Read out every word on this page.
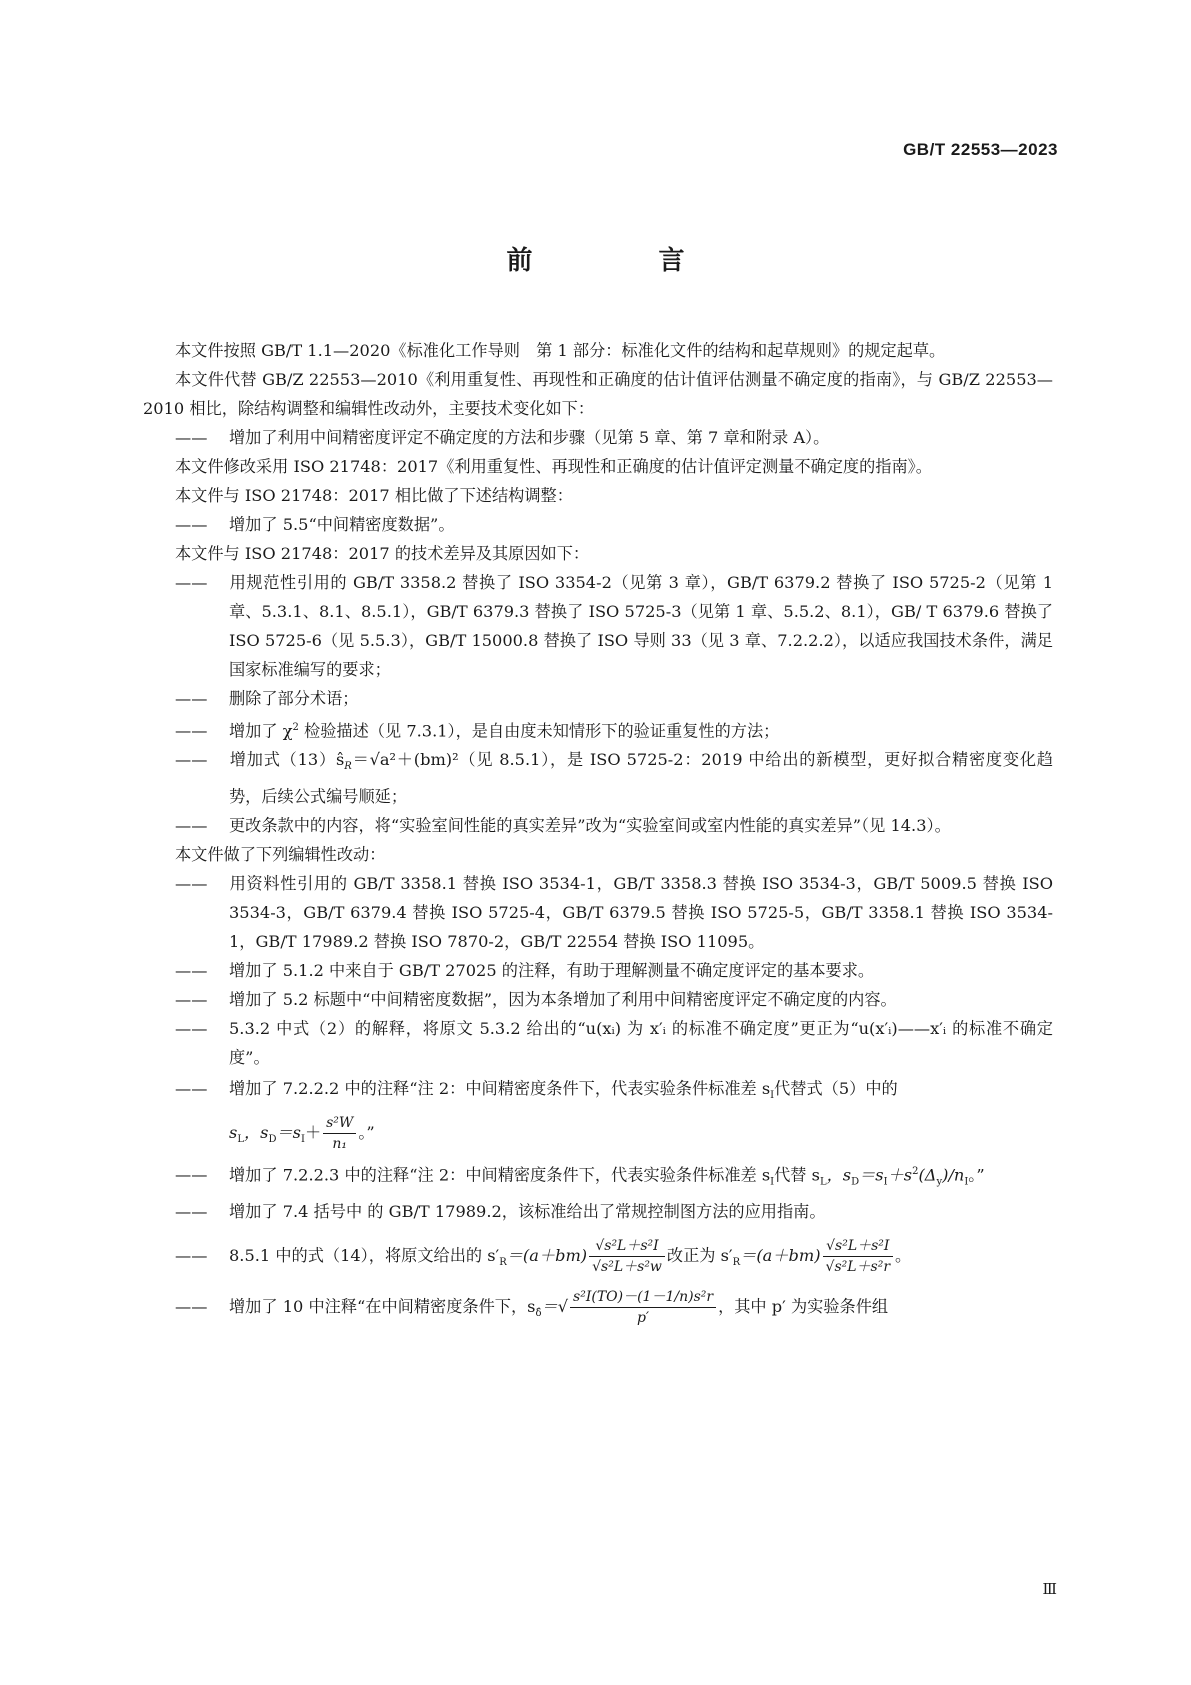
GB/T 22553—2023
前　言

本文件按照 GB/T 1.1—2020《标准化工作导则　第 1 部分：标准化文件的结构和起草规则》的规定起草。

本文件代替 GB/Z 22553—2010《利用重复性、再现性和正确度的估计值评估测量不确定度的指南》，与 GB/Z 22553—2010 相比，除结构调整和编辑性改动外，主要技术变化如下：

—— 增加了利用中间精密度评定不确定度的方法和步骤（见第 5 章、第 7 章和附录 A）。

本文件修改采用 ISO 21748：2017《利用重复性、再现性和正确度的估计值评定测量不确定度的指南》。

本文件与 ISO 21748：2017 相比做了下述结构调整：

—— 增加了 5.5“中间精密度数据”。

本文件与 ISO 21748：2017 的技术差异及其原因如下：

—— 用规范性引用的 GB/T 3358.2 替换了 ISO 3354-2（见第 3 章），GB/T 6379.2 替换了 ISO 5725-2（见第 1 章、5.3.1、8.1、8.5.1），GB/T 6379.3 替换了 ISO 5725-3（见第 1 章、5.5.2、8.1），GB/ T 6379.6 替换了 ISO 5725-6（见 5.5.3），GB/T 15000.8 替换了 ISO 导则 33（见 3 章、7.2.2.2），以适应我国技术条件，满足国家标准编写的要求；

—— 删除了部分术语；

—— 增加了 $\chi^2$ 检验描述（见 7.3.1），是自由度未知情形下的验证重复性的方法；

—— 增加式$(13)ŝ_R=√a^2+(bm)^2$（见 8.5.1），是 ISO 5725-2：2019 中给出的新模型，更好拟合精密度变化趋势，后续公式编号顺延；

—— 更改条款中的内容，将“实验室间性能的真实差异”改为“实验室间或室内性能的真实差异”（见 14.3）。

本文件做了下列编辑性改动：

—— 用资料性引用的 GB/T 3358.1 替换 ISO 3534-1，GB/T 3358.3 替换 ISO 3534-3，GB/T 5009.5 替换 ISO 3534-3，GB/T 6379.4 替换 ISO 5725-4，GB/T 6379.5 替换 ISO 5725-5，GB/T 3358.1 替换 ISO 3534-1，GB/T 17989.2 替换 ISO 7870-2，GB/T 22554 替换 ISO 11095。

—— 增加了 5.1.2 中来自于 GB/T 27025 的注释，有助于理解测量不确定度评定的基本要求。

—— 增加了 5.2 标题中“中间精密度数据”，因为本条增加了利用中间精密度评定不确定度的内容。

—— 5.3.2 中式（2）的解释，将原文 5.3.2 给出的“u(xᵢ) 为 x′ᵢ 的标准不确定度”更正为“u(x′ᵢ)——x′ᵢ 的标准不确定度”。

—— 增加了 7.2.2.2 中的注释“注 2：中间精密度条件下，代表实验条件标准差 $s_I$代替式（5）中的
$s_L$，$s_D=s_I+ \frac{\text{s²W}}{\text{n₁}}$ 。”

—— 增加了 7.2.2.3 中的注释“注 2：中间精密度条件下，代表实验条件标准差 $s_I$代替 $s_L$，$s_D=s_I+s^2(\Delta_y)/n_I$。”

—— 增加了 7.4 括号中 的 GB/T 17989.2，该标准给出了常规控制图方法的应用指南。

—— 8.5.1 中的式（14），将原文给出的 $s'_R=(a+bm) \frac{\text{√s²L＋s²I}}{\text{√s²L＋s²w}}$ 改正为 $s'_R=(a+bm) \frac{\text{√s²L＋s²I}}{\text{√s²L＋s²r}}$ 。

—— 增加了 10 中注释“在中间精密度条件下，$s_{\deltâ}=√ \frac{\text{s²I(TO)－(1－1/n)s²r}}{p'}$ ，其中 p′ 为实验条件组

Ⅲ
